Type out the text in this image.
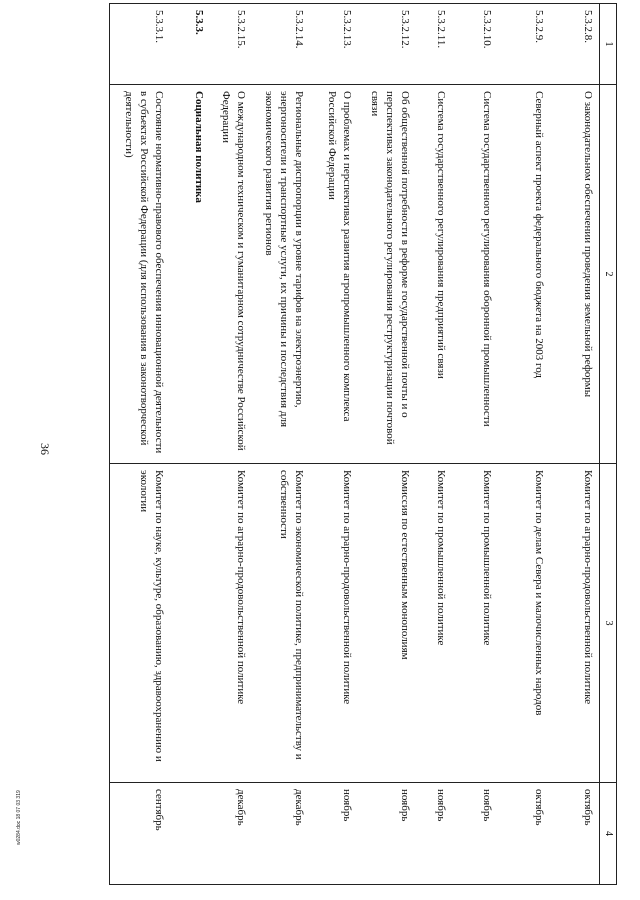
36
w0284.doc 18 07 03 319
1	2	3	4
5.3.2.8.	О законодательном обеспечении проведения земельной реформы	Комитет по аграрно-продовольственной политике	октябрь
5.3.2.9.	Северный аспект проекта федерального бюджета на 2003 год	Комитет по делам Севера и малочисленных народов	октябрь
5.3.2.10.	Система государственного регулирования оборонной промышленности	Комитет по промышленной политике	ноябрь
5.3.2.11.	Система государственного регулирования предприятий связи	Комитет по промышленной политике	ноябрь
5.3.2.12.	Об общественной потребности в реформе государственной почты и о перспективах законодательного регулирования реструктуризации почтовой связи	Комиссия по естественным монополиям	ноябрь
5.3.2.13.	О проблемах и перспективах развития агропромышленного комплекса Российской Федерации	Комитет по аграрно-продовольственной политике	ноябрь
5.3.2.14.	Региональные диспропорции в уровне тарифов на электроэнергию, энергоносители и транспортные услуги, их причины и последствия для экономического развития регионов	Комитет по экономической политике, предпринимательству и собственности	декабрь
5.3.2.15.	О международном техническом и гуманитарном сотрудничестве Российской Федерации	Комитет по аграрно-продовольственной политике	декабрь
5.3.3.	Социальная политика		
5.3.3.1.	Состояние нормативно-правового обеспечения инновационной деятельности в субъектах Российской Федерации (для использования в законотворческой деятельности)	Комитет по науке, культуре, образованию, здравоохранению и экологии	сентябрь
